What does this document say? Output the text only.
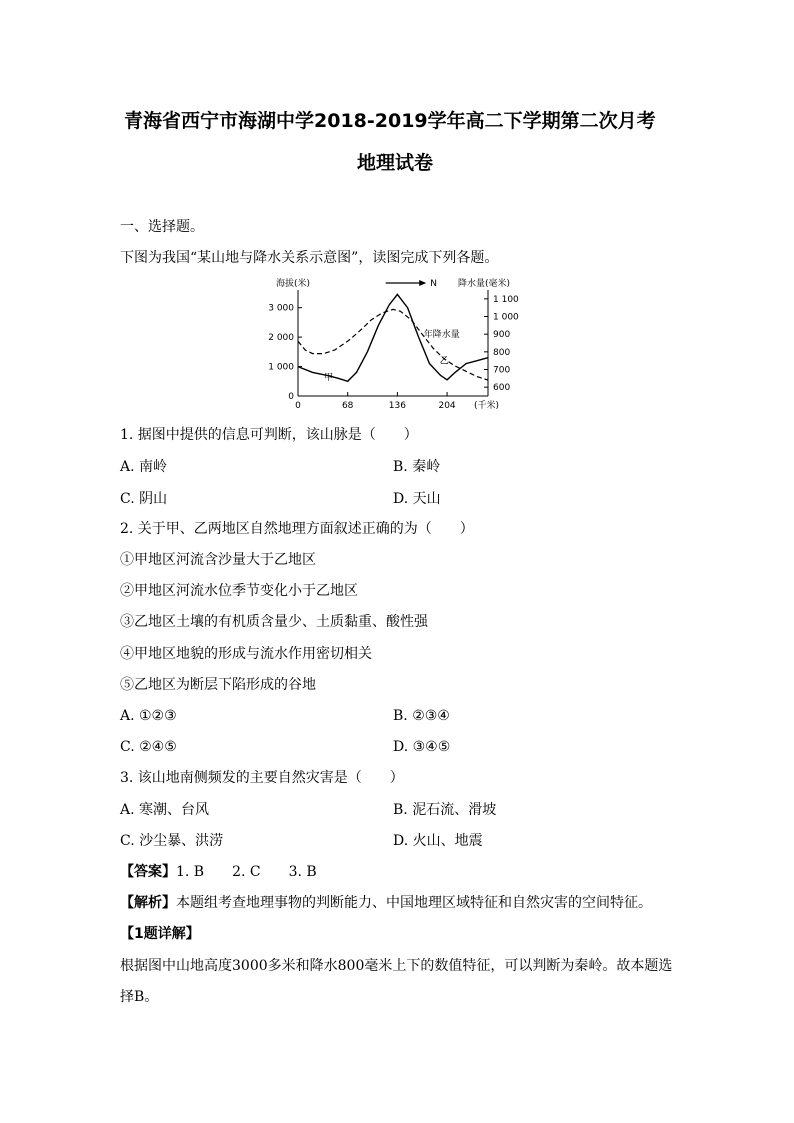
青海省西宁市海湖中学2018-2019学年高二下学期第二次月考
地理试卷
一、选择题。
下图为我国“某山地与降水关系示意图”，读图完成下列各题。
海拔(米)	降水量(毫米)
(千米)
0
1 000
2 000
3 000
600
700
800
900
1 000
1 100
0	68	136	204
N
年降水量
甲
乙
1. 据图中提供的信息可判断，该山脉是（　　）
A. 南岭	B. 秦岭
C. 阴山	D. 天山
2. 关于甲、乙两地区自然地理方面叙述正确的为（　　）
①甲地区河流含沙量大于乙地区
②甲地区河流水位季节变化小于乙地区
③乙地区土壤的有机质含量少、土质黏重、酸性强
④甲地区地貌的形成与流水作用密切相关
⑤乙地区为断层下陷形成的谷地
A. ①②③	B. ②③④
C. ②④⑤	D. ③④⑤
3. 该山地南侧频发的主要自然灾害是（　　）
A. 寒潮、台风	B. 泥石流、滑坡
C. 沙尘暴、洪涝	D. 火山、地震
【答案】1. B　　2. C　　3. B
【解析】本题组考查地理事物的判断能力、中国地理区域特征和自然灾害的空间特征。
【1题详解】
根据图中山地高度3000多米和降水800毫米上下的数值特征，可以判断为秦岭。故本题选
择B。
